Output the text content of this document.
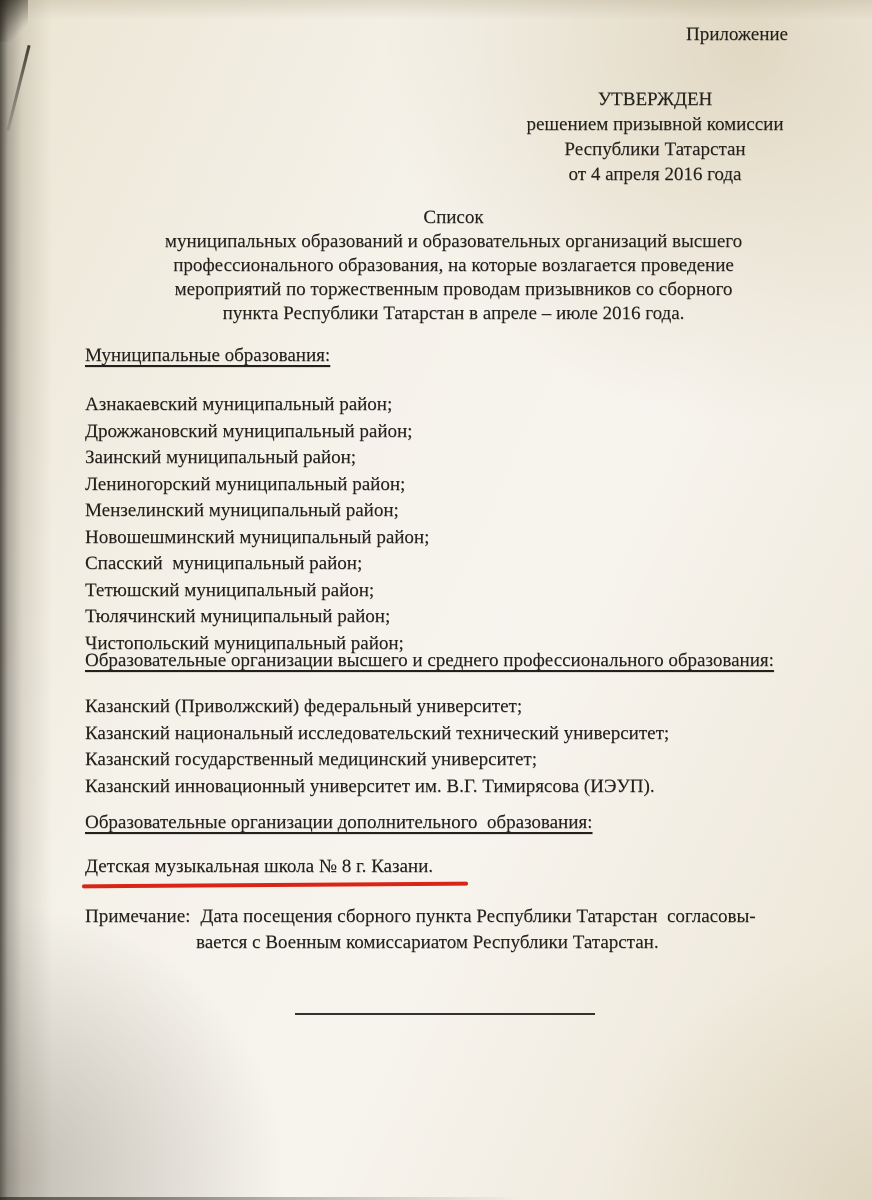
Приложение
УТВЕРЖДЕН
решением призывной комиссии
Республики Татарстан
от 4 апреля 2016 года
Список
муниципальных образований и образовательных организаций высшего
профессионального образования, на которые возлагается проведение
мероприятий по торжественным проводам призывников со сборного
пункта Республики Татарстан в апреле – июле 2016 года.
Муниципальные образования:
Азнакаевский муниципальный район;
Дрожжановский муниципальный район;
Заинский муниципальный район;
Лениногорский муниципальный район;
Мензелинский муниципальный район;
Новошешминский муниципальный район;
Спасский  муниципальный район;
Тетюшский муниципальный район;
Тюлячинский муниципальный район;
Чистопольский муниципальный район;
Образовательные организации высшего и среднего профессионального образования:
Казанский (Приволжский) федеральный университет;
Казанский национальный исследовательский технический университет;
Казанский государственный медицинский университет;
Казанский инновационный университет им. В.Г. Тимирясова (ИЭУП).
Образовательные организации дополнительного  образования:
Детская музыкальная школа № 8 г. Казани.
Примечание: Дата посещения сборного пункта Республики Татарстан  согласовы-
вается с Военным комиссариатом Республики Татарстан.
